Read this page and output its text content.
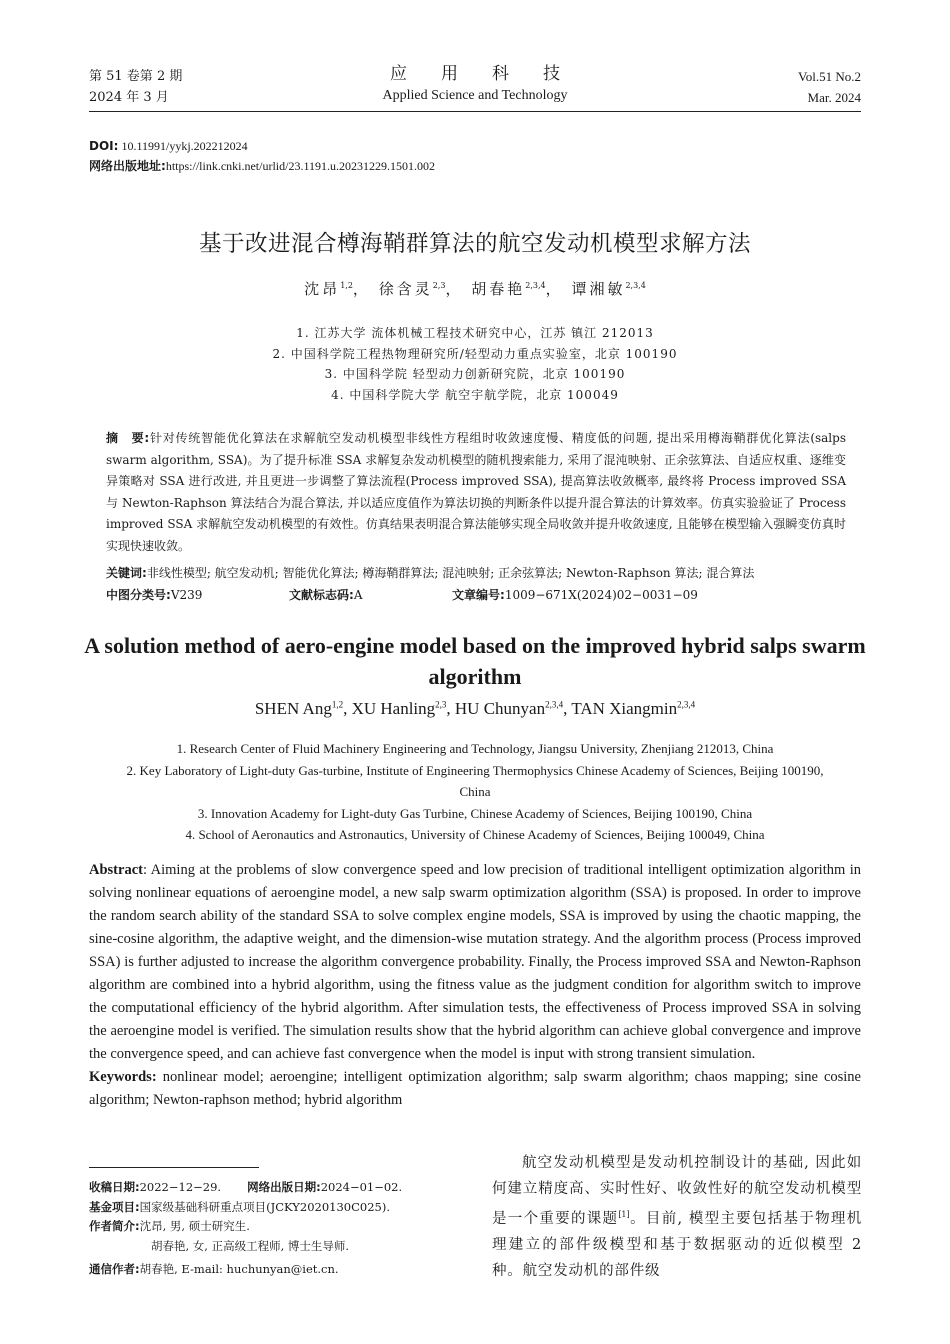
第 51 卷第 2 期
2024 年 3 月
应用科技
Applied Science and Technology
Vol.51 No.2
Mar. 2024
DOI: 10.11991/yykj.202212024
网络出版地址:https://link.cnki.net/urlid/23.1191.u.20231229.1501.002
基于改进混合樽海鞘群算法的航空发动机模型求解方法
沈昂$^{1,2}$， 徐含灵$^{2,3}$， 胡春艳$^{2,3,4}$， 谭湘敏$^{2,3,4}$
1. 江苏大学 流体机械工程技术研究中心，江苏 镇江 212013
2. 中国科学院工程热物理研究所/轻型动力重点实验室，北京 100190
3. 中国科学院 轻型动力创新研究院，北京 100190
4. 中国科学院大学 航空宇航学院，北京 100049
摘　要:针对传统智能优化算法在求解航空发动机模型非线性方程组时收敛速度慢、精度低的问题, 提出采用樽海鞘群优化算法(salps swarm algorithm, SSA)。为了提升标准 SSA 求解复杂发动机模型的随机搜索能力, 采用了混沌映射、正余弦算法、自适应权重、逐维变异策略对 SSA 进行改进, 并且更进一步调整了算法流程(Process improved SSA), 提高算法收敛概率, 最终将 Process improved SSA 与 Newton-Raphson 算法结合为混合算法, 并以适应度值作为算法切换的判断条件以提升混合算法的计算效率。仿真实验验证了 Process improved SSA 求解航空发动机模型的有效性。仿真结果表明混合算法能够实现全局收敛并提升收敛速度, 且能够在模型输入强瞬变仿真时实现快速收敛。
关键词:非线性模型; 航空发动机; 智能优化算法; 樽海鞘群算法; 混沌映射; 正余弦算法; Newton-Raphson 算法; 混合算法
中图分类号: V239	文献标志码: A	文章编号: 1009−671X(2024)02−0031−09
A solution method of aero-engine model based on the improved hybrid salps swarm algorithm
SHEN Ang$^{1,2}$, XU Hanling$^{2,3}$, HU Chunyan$^{2,3,4}$, TAN Xiangmin$^{2,3,4}$
1. Research Center of Fluid Machinery Engineering and Technology, Jiangsu University, Zhenjiang 212013, China
2. Key Laboratory of Light-duty Gas-turbine, Institute of Engineering Thermophysics Chinese Academy of Sciences, Beijing 100190, China
3. Innovation Academy for Light-duty Gas Turbine, Chinese Academy of Sciences, Beijing 100190, China
4. School of Aeronautics and Astronautics, University of Chinese Academy of Sciences, Beijing 100049, China
Abstract: Aiming at the problems of slow convergence speed and low precision of traditional intelligent optimization algorithm in solving nonlinear equations of aeroengine model, a new salp swarm optimization algorithm (SSA) is proposed. In order to improve the random search ability of the standard SSA to solve complex engine models, SSA is improved by using the chaotic mapping, the sine-cosine algorithm, the adaptive weight, and the dimension-wise mutation strategy. And the algorithm process (Process improved SSA) is further adjusted to increase the algorithm convergence probability. Finally, the Process improved SSA and Newton-Raphson algorithm are combined into a hybrid algorithm, using the fitness value as the judgment condition for algorithm switch to improve the computational efficiency of the hybrid algorithm. After simulation tests, the effectiveness of Process improved SSA in solving the aeroengine model is verified. The simulation results show that the hybrid algorithm can achieve global convergence and improve the convergence speed, and can achieve fast convergence when the model is input with strong transient simulation.
Keywords: nonlinear model; aeroengine; intelligent optimization algorithm; salp swarm algorithm; chaos mapping; sine cosine algorithm; Newton-raphson method; hybrid algorithm
收稿日期:2022−12−29. 网络出版日期:2024−01−02.
基金项目:国家级基础科研重点项目(JCKY2020130C025).
作者简介:沈昂, 男, 硕士研究生.
胡春艳, 女, 正高级工程师, 博士生导师.
通信作者:胡春艳, E-mail: huchunyan@iet.cn.
航空发动机模型是发动机控制设计的基础, 因此如何建立精度高、实时性好、收敛性好的航空发动机模型是一个重要的课题[1]。目前, 模型主要包括基于物理机理建立的部件级模型和基于数据驱动的近似模型 2 种。航空发动机的部件级
